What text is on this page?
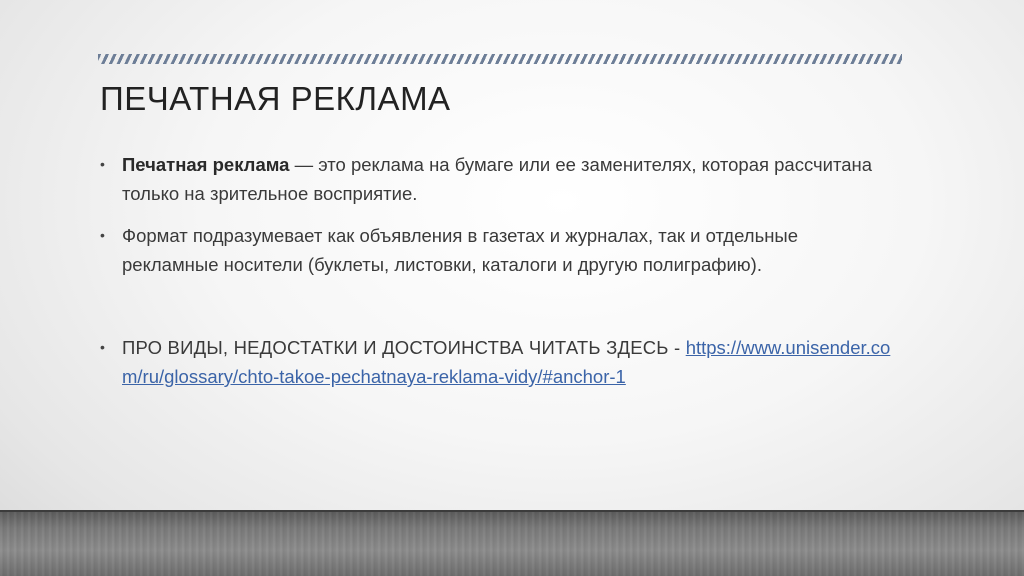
ПЕЧАТНАЯ РЕКЛАМА
• Печатная реклама — это реклама на бумаге или ее заменителях, которая рассчитана только на зрительное восприятие.
• Формат подразумевает как объявления в газетах и журналах, так и отдельные рекламные носители (буклеты, листовки, каталоги и другую полиграфию).
• ПРО ВИДЫ, НЕДОСТАТКИ И ДОСТОИНСТВА ЧИТАТЬ ЗДЕСЬ - https://www.unisender.com/ru/glossary/chto-takoe-pechatnaya-reklama-vidy/#anchor-1
